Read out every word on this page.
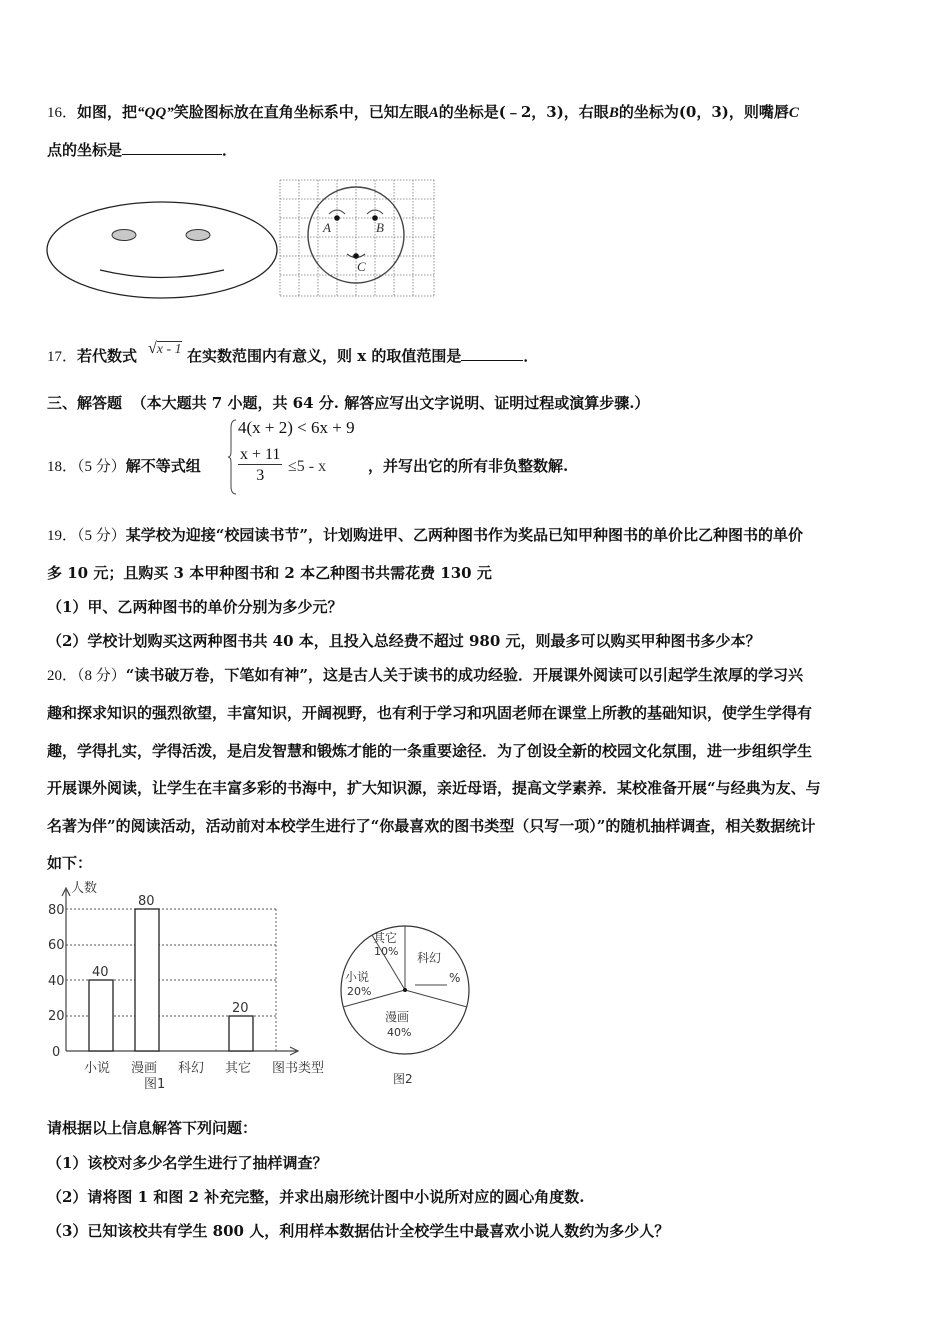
16．如图，把“QQ”笑脸图标放在直角坐标系中，已知左眼A的坐标是(﹣2，3)，右眼B的坐标为(0，3)，则嘴唇C
点的坐标是	．
A	B
C
17．若代数式	在实数范围内有意义，则 x 的取值范围是	．
√x - 1
三、解答题 （本大题共 7 小题，共 64 分. 解答应写出文字说明、证明过程或演算步骤.）
18．（5 分）解不等式组
4(x + 2) < 6x + 9
$\frac{x + 11}{3} \le 5 - x$	，并写出它的所有非负整数解.
19．（5 分）某学校为迎接“校园读书节”，计划购进甲、乙两种图书作为奖品已知甲种图书的单价比乙种图书的单价
多 10 元；且购买 3 本甲种图书和 2 本乙种图书共需花费 130 元
（1）甲、乙两种图书的单价分别为多少元？
（2）学校计划购买这两种图书共 40 本，且投入总经费不超过 980 元，则最多可以购买甲种图书多少本？
20．（8 分）“读书破万卷，下笔如有神”，这是古人关于读书的成功经验．开展课外阅读可以引起学生浓厚的学习兴
趣和探求知识的强烈欲望，丰富知识，开阔视野，也有利于学习和巩固老师在课堂上所教的基础知识，使学生学得有
趣，学得扎实，学得活泼，是启发智慧和锻炼才能的一条重要途径．为了创设全新的校园文化氛围，进一步组织学生
开展课外阅读，让学生在丰富多彩的书海中，扩大知识源，亲近母语，提高文学素养．某校准备开展“与经典为友、与
名著为伴”的阅读活动，活动前对本校学生进行了“你最喜欢的图书类型（只写一项）”的随机抽样调查，相关数据统计
如下：
40
80
20
80
60
40
20
0
人数
小说 漫画 科幻 其它 图书类型
图1
其它
10% 科幻
%
小说
20%
漫画
40%
图2
请根据以上信息解答下列问题：
（1）该校对多少名学生进行了抽样调查？
（2）请将图 1 和图 2 补充完整，并求出扇形统计图中小说所对应的圆心角度数.
（3）已知该校共有学生 800 人，利用样本数据估计全校学生中最喜欢小说人数约为多少人？
